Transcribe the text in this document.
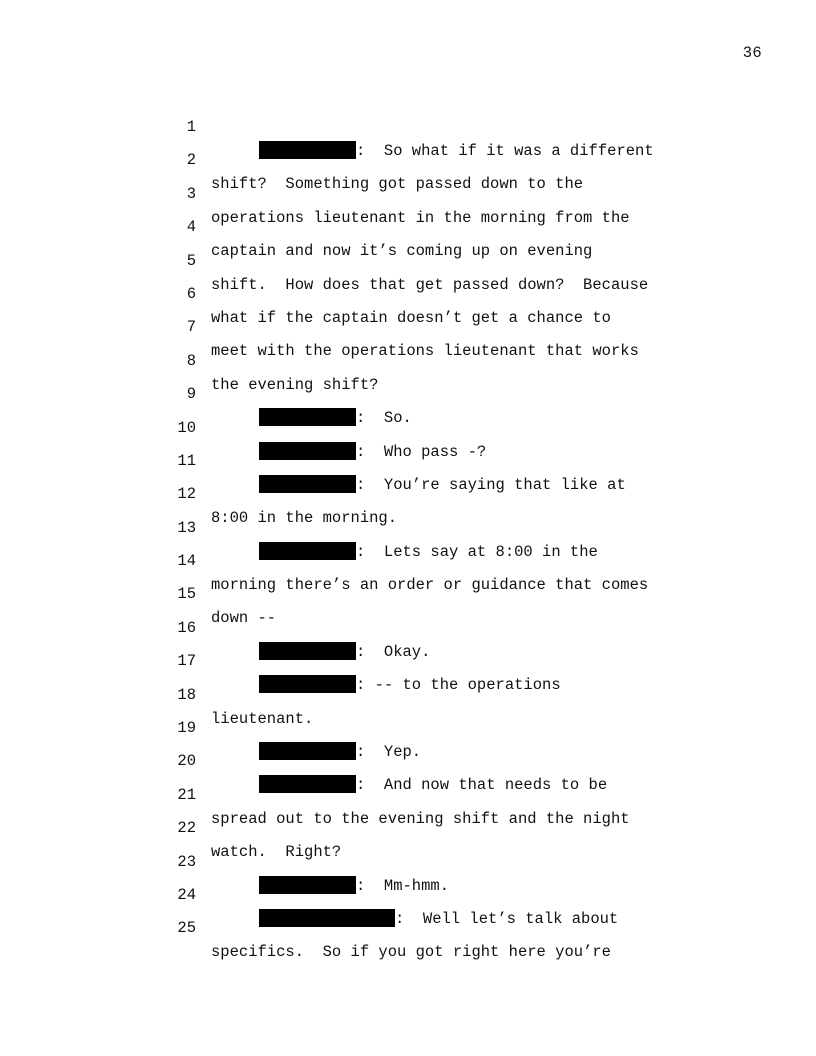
36

1

:  So what if it was a different

2

shift?  Something got passed down to the

3

operations lieutenant in the morning from the

4

captain and now it’s coming up on evening

5

shift.  How does that get passed down?  Because

6

what if the captain doesn’t get a chance to

7

meet with the operations lieutenant that works

8

the evening shift?

9

:  So.

10

:  Who pass -?

11

:  You’re saying that like at

12

8:00 in the morning.

13

:  Lets say at 8:00 in the

14

morning there’s an order or guidance that comes

15

down --

16

:  Okay.

17

: -- to the operations

18

lieutenant.

19

:  Yep.

20

:  And now that needs to be

21

spread out to the evening shift and the night

22

watch.  Right?

23

:  Mm-hmm.

24

:  Well let’s talk about

25

specifics.  So if you got right here you’re
